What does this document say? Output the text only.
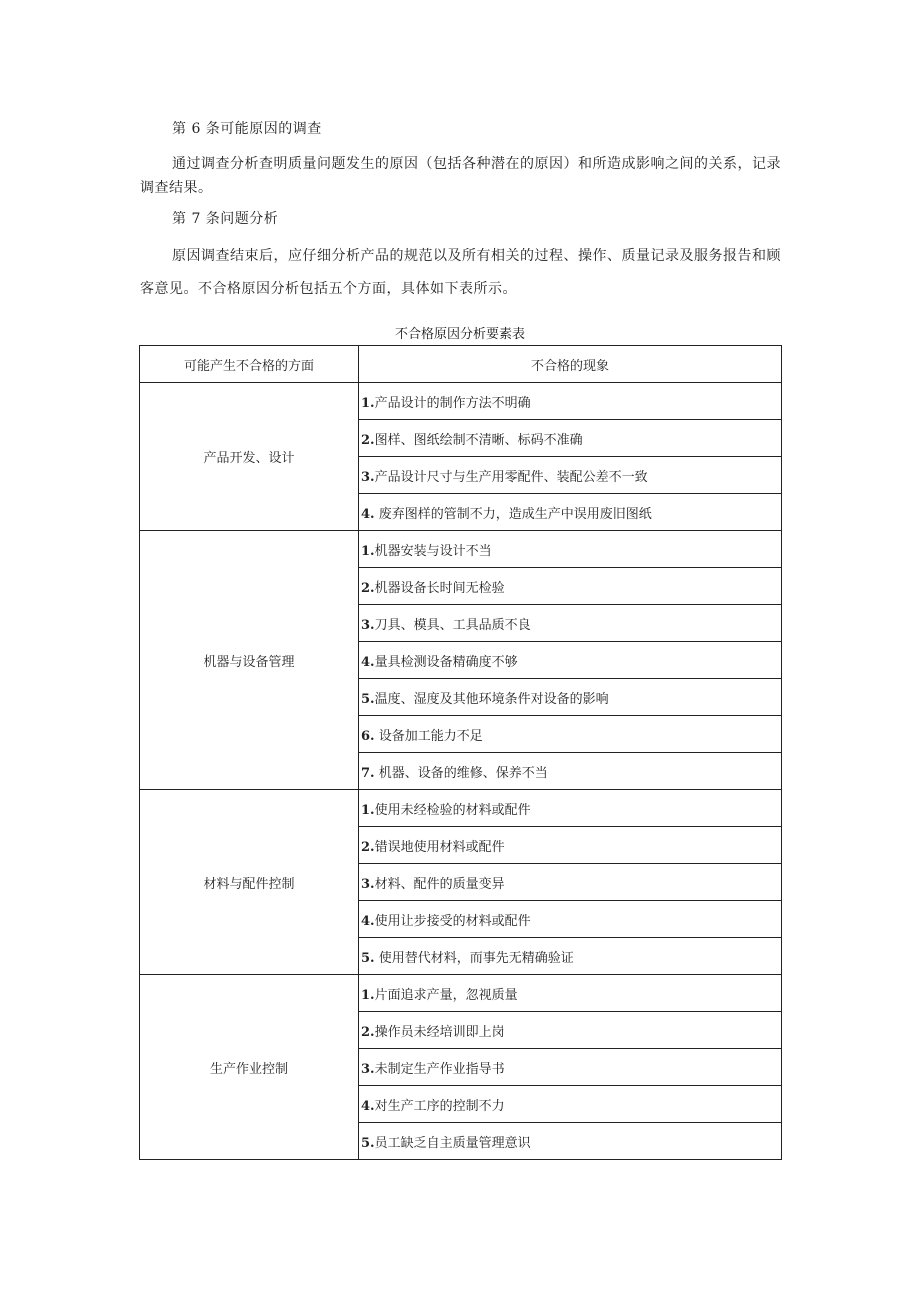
第 6 条可能原因的调查
通过调查分析查明质量问题发生的原因（包括各种潜在的原因）和所造成影响之间的关系，记录调查结果。
第 7 条问题分析
原因调查结束后，应仔细分析产品的规范以及所有相关的过程、操作、质量记录及服务报告和顾客意见。不合格原因分析包括五个方面，具体如下表所示。
不合格原因分析要素表
可能产生不合格的方面	不合格的现象
产品开发、设计	1.产品设计的制作方法不明确
	2.图样、图纸绘制不清晰、标码不准确
	3.产品设计尺寸与生产用零配件、装配公差不一致
	4. 废弃图样的管制不力，造成生产中误用废旧图纸
机器与设备管理	1.机器安装与设计不当
	2.机器设备长时间无检验
	3.刀具、模具、工具品质不良
	4.量具检测设备精确度不够
	5.温度、湿度及其他环境条件对设备的影响
	6. 设备加工能力不足
	7. 机器、设备的维修、保养不当
材料与配件控制	1.使用未经检验的材料或配件
	2.错误地使用材料或配件
	3.材料、配件的质量变异
	4.使用让步接受的材料或配件
	5. 使用替代材料，而事先无精确验证
生产作业控制	1.片面追求产量，忽视质量
	2.操作员未经培训即上岗
	3.未制定生产作业指导书
	4.对生产工序的控制不力
	5.员工缺乏自主质量管理意识
